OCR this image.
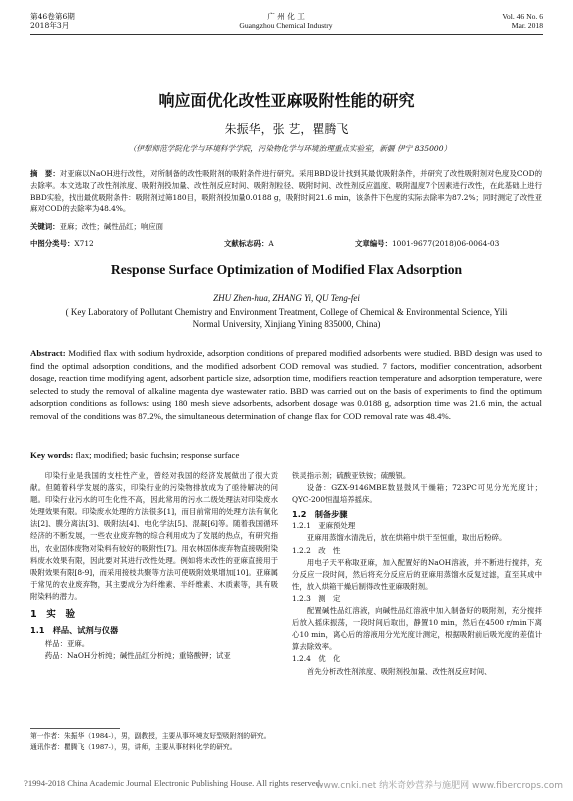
第46卷第6期
2018年3月
广 州 化 工
Guangzhou Chemical Industry
Vol. 46 No. 6
Mar. 2018
响应面优化改性亚麻吸附性能的研究
朱振华，张 艺，瞿腾飞
（伊犁师范学院化学与环境科学学院，污染物化学与环境治理重点实验室，新疆 伊宁 835000）
摘　要：对亚麻以NaOH进行改性，对所制备的改性吸附剂的吸附条件进行研究。采用BBD设计找到其最优吸附条件，并研究了改性吸附剂对色度及COD的去除率。本文选取了改性剂浓度、吸附剂投加量、改性剂反应时间、吸附剂粒径、吸附时间、改性剂反应温度、吸附温度7个因素进行改性，在此基础上进行BBD实验，找出最优吸附条件：吸附剂过筛180目，吸附剂投加量0.0188 g，吸附时间21.6 min，该条件下色度的实际去除率为87.2%；同时测定了改性亚麻对COD的去除率为48.4%。
关键词：亚麻；改性；碱性品红；响应面
中图分类号：X712	文献标志码：A	文章编号：1001-9677(2018)06-0064-03
Response Surface Optimization of Modified Flax Adsorption
ZHU Zhen-hua, ZHANG Yi, QU Teng-fei
( Key Laboratory of Pollutant Chemistry and Environment Treatment, College of Chemical & Environmental Science, Yili Normal University, Xinjiang Yining 835000, China)
Abstract: Modified flax with sodium hydroxide, adsorption conditions of prepared modified adsorbents were studied. BBD design was used to find the optimal adsorption conditions, and the modified adsorbent COD removal was studied. 7 factors, modifier concentration, adsorbent dosage, reaction time modifying agent, adsorbent particle size, adsorption time, modifiers reaction temperature and adsorption temperature, were selected to study the removal of alkaline magenta dye wastewater ratio. BBD was carried out on the basis of experiments to find the optimum adsorption conditions as follows: using 180 mesh sieve adsorbents, adsorbent dosage was 0.0188 g, adsorption time was 21.6 min, the actual removal of the conditions was 87.2%, the simultaneous determination of change flax for COD removal rate was 48.4%.
Key words: flax; modified; basic fuchsin; response surface
印染行业是我国的支柱性产业，曾经对我国的经济发展做出了很大贡献。但随着科学发展的落实，印染行业的污染物排放成为了亟待解决的问题。印染行业污水的可生化性不高，因此常用的污水二级处理法对印染废水处理效果有限。印染废水处理的方法很多[1]，而目前常用的处理方法有氧化法[2]、膜分离法[3]、吸附法[4]、电化学法[5]、混凝[6]等。随着我国循环经济的不断发展，一些农业废弃物的综合利用成为了发展的热点，有研究指出，农业固体废物对染料有较好的吸附性[7]。用农林固体废弃物直接吸附染料废水效果有限，因此要对其进行改性处理。例如将未改性的亚麻直接用于吸附效果有限[8-9]，而采用接枝共聚等方法可使吸附效果增加[10]。亚麻属于常见的农业废弃物，其主要成分为纤维素、半纤维素、木质素等，具有吸附染料的潜力。
1　实　验
1.1　样品、试剂与仪器
样品：亚麻。
药品：NaOH分析纯；碱性品红分析纯；重铬酸钾；试亚
第一作者：朱振华（1984-），男，副教授，主要从事环境友好型吸附剂的研究。
通讯作者：瞿腾飞（1987-），男，讲师，主要从事材料化学的研究。
铁灵指示剂；硫酸亚铁铵；硫酸银。
设备：GZX-9146MBE数显鼓风干燥箱；723PC可见分光光度计；QYC-200恒温培养摇床。
1.2　制备步骤
1.2.1　亚麻预处理
亚麻用蒸馏水清洗后，放在烘箱中烘干至恒重，取出后粉碎。
1.2.2　改　性
用电子天平称取亚麻，加入配置好的NaOH溶液，并不断进行搅拌，充分反应一段时间，然后将充分反应后的亚麻用蒸馏水反复过滤，直至其成中性，放入烘箱干燥后制得改性亚麻吸附剂。
1.2.3　测　定
配置碱性品红溶液，向碱性品红溶液中加入制备好的吸附剂，充分搅拌后放入摇床振荡，一段时间后取出，静置10 min，然后在4500 r/min下离心10 min，离心后的溶液用分光光度计测定，根据吸附前后吸光度的差值计算去除效率。
1.2.4　优　化
首先分析改性剂浓度、吸附剂投加量、改性剂反应时间、
?1994-2018 China Academic Journal Electronic Publishing House. All rights reserved.
www.cnki.net 纳米奇妙营养与施肥网 www.fibercrops.com
